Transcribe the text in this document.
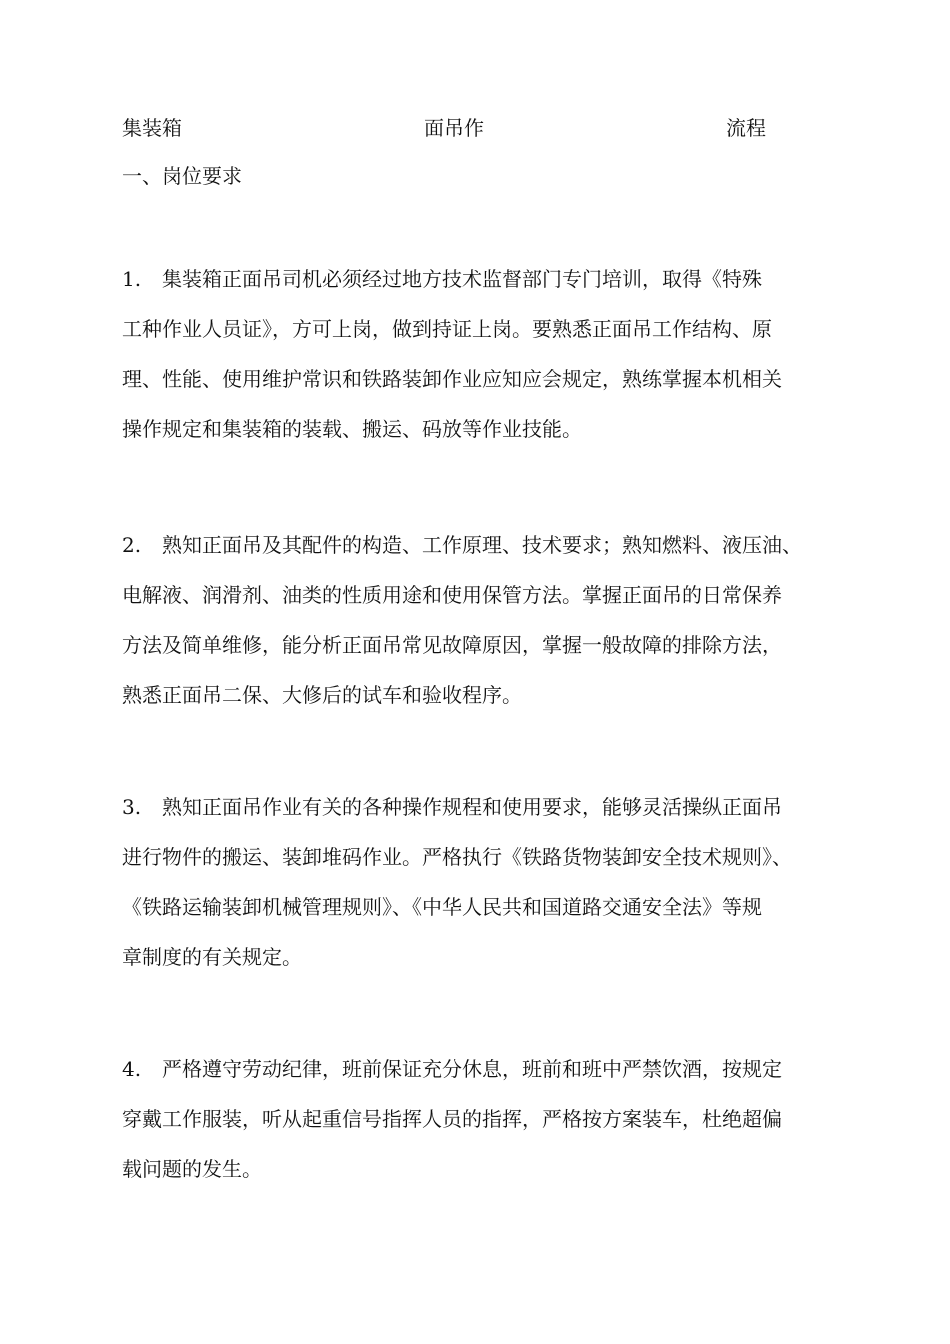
集装箱	面吊作	流程
一、岗位要求
1. 集装箱正面吊司机必须经过地方技术监督部门专门培训，取得《特殊
工种作业人员证》，方可上岗，做到持证上岗。要熟悉正面吊工作结构、原
理、性能、使用维护常识和铁路装卸作业应知应会规定，熟练掌握本机相关
操作规定和集装箱的装载、搬运、码放等作业技能。
2. 熟知正面吊及其配件的构造、工作原理、技术要求；熟知燃料、液压油、
电解液、润滑剂、油类的性质用途和使用保管方法。掌握正面吊的日常保养
方法及简单维修，能分析正面吊常见故障原因，掌握一般故障的排除方法，
熟悉正面吊二保、大修后的试车和验收程序。
3. 熟知正面吊作业有关的各种操作规程和使用要求，能够灵活操纵正面吊
进行物件的搬运、装卸堆码作业。严格执行《铁路货物装卸安全技术规则》、
《铁路运输装卸机械管理规则》、《中华人民共和国道路交通安全法》等规
章制度的有关规定。
4. 严格遵守劳动纪律，班前保证充分休息，班前和班中严禁饮酒，按规定
穿戴工作服装，听从起重信号指挥人员的指挥，严格按方案装车，杜绝超偏
载问题的发生。
